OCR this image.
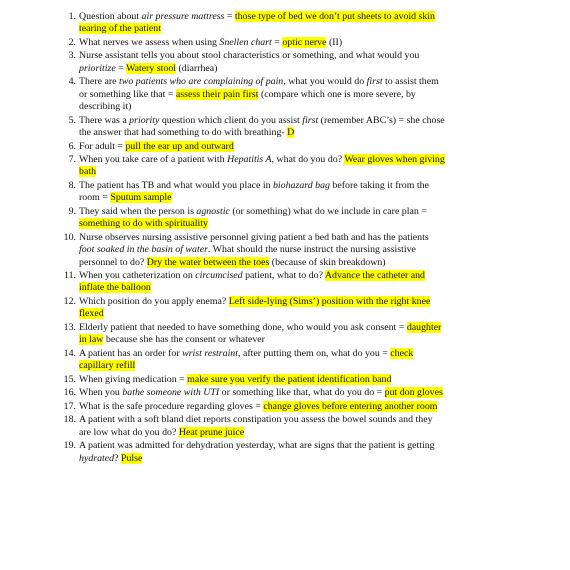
1. Question about air pressure mattress = those type of bed we don’t put sheets to avoid skin tearing of the patient
2. What nerves we assess when using Snellen chart = optic nerve (II)
3. Nurse assistant tells you about stool characteristics or something, and what would you prioritize = Watery stool (diarrhea)
4. There are two patients who are complaining of pain, what you would do first to assist them or something like that = assess their pain first (compare which one is more severe, by describing it)
5. There was a priority question which client do you assist first (remember ABC’s) = she chose the answer that had something to do with breathing- D
6. For adult = pull the ear up and outward
7. When you take care of a patient with Hepatitis A, what do you do? Wear gloves when giving bath
8. The patient has TB and what would you place in biohazard bag before taking it from the room = Sputum sample
9. They said when the person is agnostic (or something) what do we include in care plan = something to do with spirituality
10. Nurse observes nursing assistive personnel giving patient a bed bath and has the patients foot soaked in the basin of water. What should the nurse instruct the nursing assistive personnel to do? Dry the water between the toes (because of skin breakdown)
11. When you catheterization on circumcised patient, what to do? Advance the catheter and inflate the balloon
12. Which position do you apply enema? Left side-lying (Sims’) position with the right knee flexed
13. Elderly patient that needed to have something done, who would you ask consent = daughter in law because she has the consent or whatever
14. A patient has an order for wrist restraint, after putting them on, what do you = check capillary refill
15. When giving medication = make sure you verify the patient identification band
16. When you bathe someone with UTI or something like that, what do you do = put don gloves
17. What is the safe procedure regarding gloves = change gloves before entering another room
18. A patient with a soft bland diet reports constipation you assess the bowel sounds and they are low what do you do? Heat prune juice
19. A patient was admitted for dehydration yesterday, what are signs that the patient is getting hydrated? Pulse
